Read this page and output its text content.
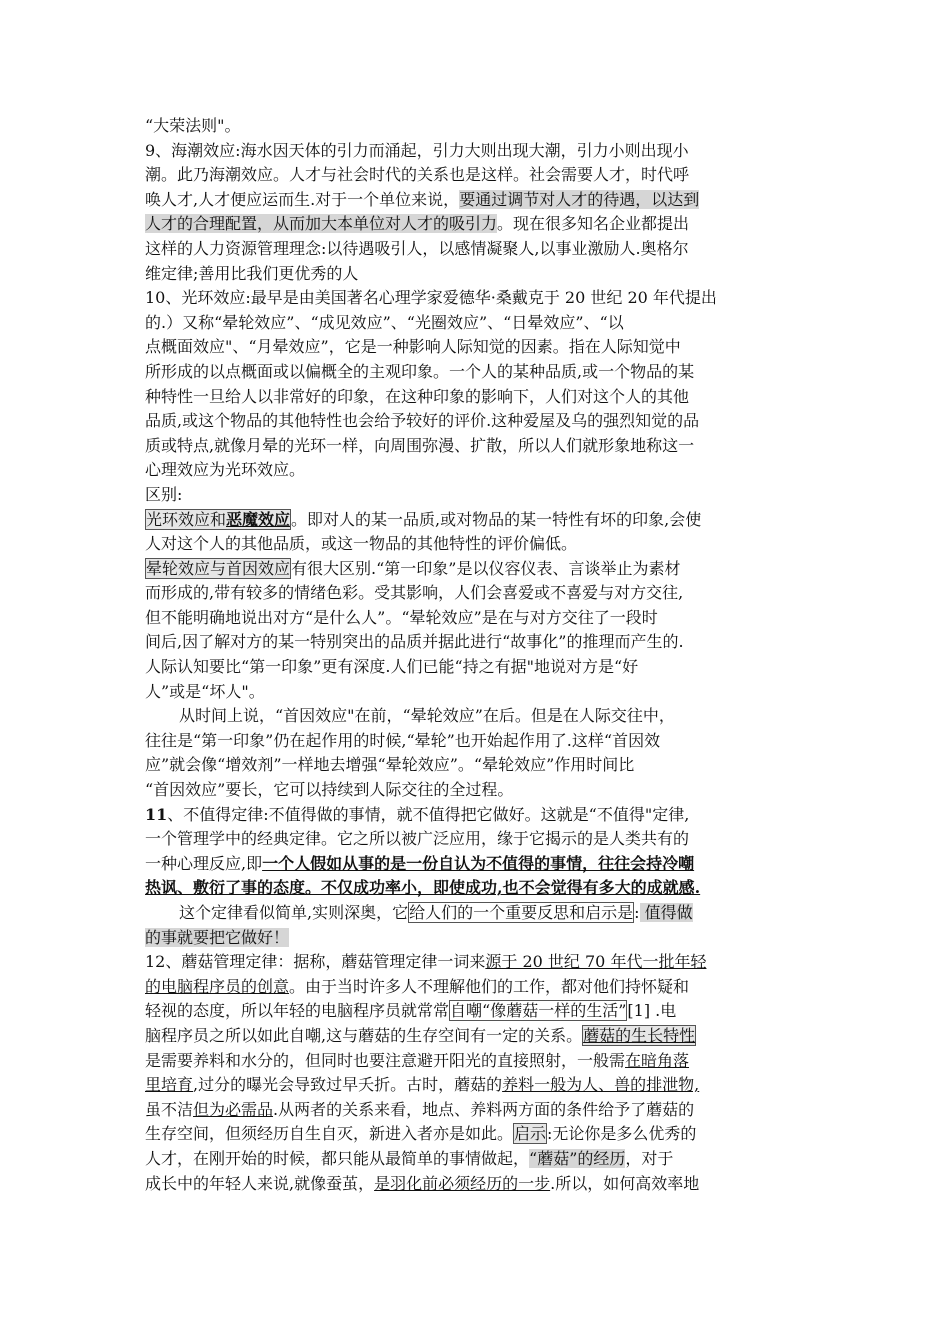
“大荣法则"。
9、海潮效应:海水因天体的引力而涌起，引力大则出现大潮，引力小则出现小
潮。此乃海潮效应。人才与社会时代的关系也是这样。社会需要人才，时代呼
唤人才,人才便应运而生.对于一个单位来说，要通过调节对人才的待遇，以达到
人才的合理配置，从而加大本单位对人才的吸引力。现在很多知名企业都提出
这样的人力资源管理理念:以待遇吸引人，以感情凝聚人,以事业激励人.奥格尔
维定律;善用比我们更优秀的人
10、光环效应:最早是由美国著名心理学家爱德华·桑戴克于 20 世纪 20 年代提出
的.）又称“晕轮效应”、“成见效应”、“光圈效应”、“日晕效应”、“以
点概面效应"、“月晕效应”，它是一种影响人际知觉的因素。指在人际知觉中
所形成的以点概面或以偏概全的主观印象。一个人的某种品质,或一个物品的某
种特性一旦给人以非常好的印象，在这种印象的影响下，人们对这个人的其他
品质,或这个物品的其他特性也会给予较好的评价.这种爱屋及乌的强烈知觉的品
质或特点,就像月晕的光环一样，向周围弥漫、扩散，所以人们就形象地称这一
心理效应为光环效应。
区别:
光环效应和恶魔效应。即对人的某一品质,或对物品的某一特性有坏的印象,会使
人对这个人的其他品质，或这一物品的其他特性的评价偏低。
晕轮效应与首因效应有很大区别.“第一印象”是以仪容仪表、言谈举止为素材
而形成的,带有较多的情绪色彩。受其影响，人们会喜爱或不喜爱与对方交往,
但不能明确地说出对方“是什么人”。“晕轮效应”是在与对方交往了一段时
间后,因了解对方的某一特别突出的品质并据此进行“故事化”的推理而产生的.
人际认知要比“第一印象”更有深度.人们已能“持之有据"地说对方是“好
人”或是“坏人"。
从时间上说，“首因效应"在前，“晕轮效应”在后。但是在人际交往中，
往往是“第一印象”仍在起作用的时候,“晕轮”也开始起作用了.这样“首因效
应”就会像“增效剂”一样地去增强“晕轮效应”。“晕轮效应”作用时间比
“首因效应”要长，它可以持续到人际交往的全过程。
11、不值得定律:不值得做的事情，就不值得把它做好。这就是“不值得"定律,
一个管理学中的经典定律。它之所以被广泛应用，缘于它揭示的是人类共有的
一种心理反应,即一个人假如从事的是一份自认为不值得的事情，往往会持冷嘲
热讽、敷衍了事的态度。不仅成功率小，即使成功,也不会觉得有多大的成就感.
这个定律看似简单,实则深奥，它给人们的一个重要反思和启示是: 值得做
的事就要把它做好！
12、蘑菇管理定律：据称，蘑菇管理定律一词来源于 20 世纪 70 年代一批年轻
的电脑程序员的创意。由于当时许多人不理解他们的工作，都对他们持怀疑和
轻视的态度，所以年轻的电脑程序员就常常自嘲“像蘑菇一样的生活”[1] .电
脑程序员之所以如此自嘲,这与蘑菇的生存空间有一定的关系。蘑菇的生长特性
是需要养料和水分的，但同时也要注意避开阳光的直接照射，一般需在暗角落
里培育,过分的曝光会导致过早夭折。古时，蘑菇的养料一般为人、兽的排泄物,
虽不洁但为必需品.从两者的关系来看，地点、养料两方面的条件给予了蘑菇的
生存空间，但须经历自生自灭，新进入者亦是如此。启示:无论你是多么优秀的
人才，在刚开始的时候，都只能从最简单的事情做起，“蘑菇”的经历，对于
成长中的年轻人来说,就像蚕茧，是羽化前必须经历的一步.所以，如何高效率地
